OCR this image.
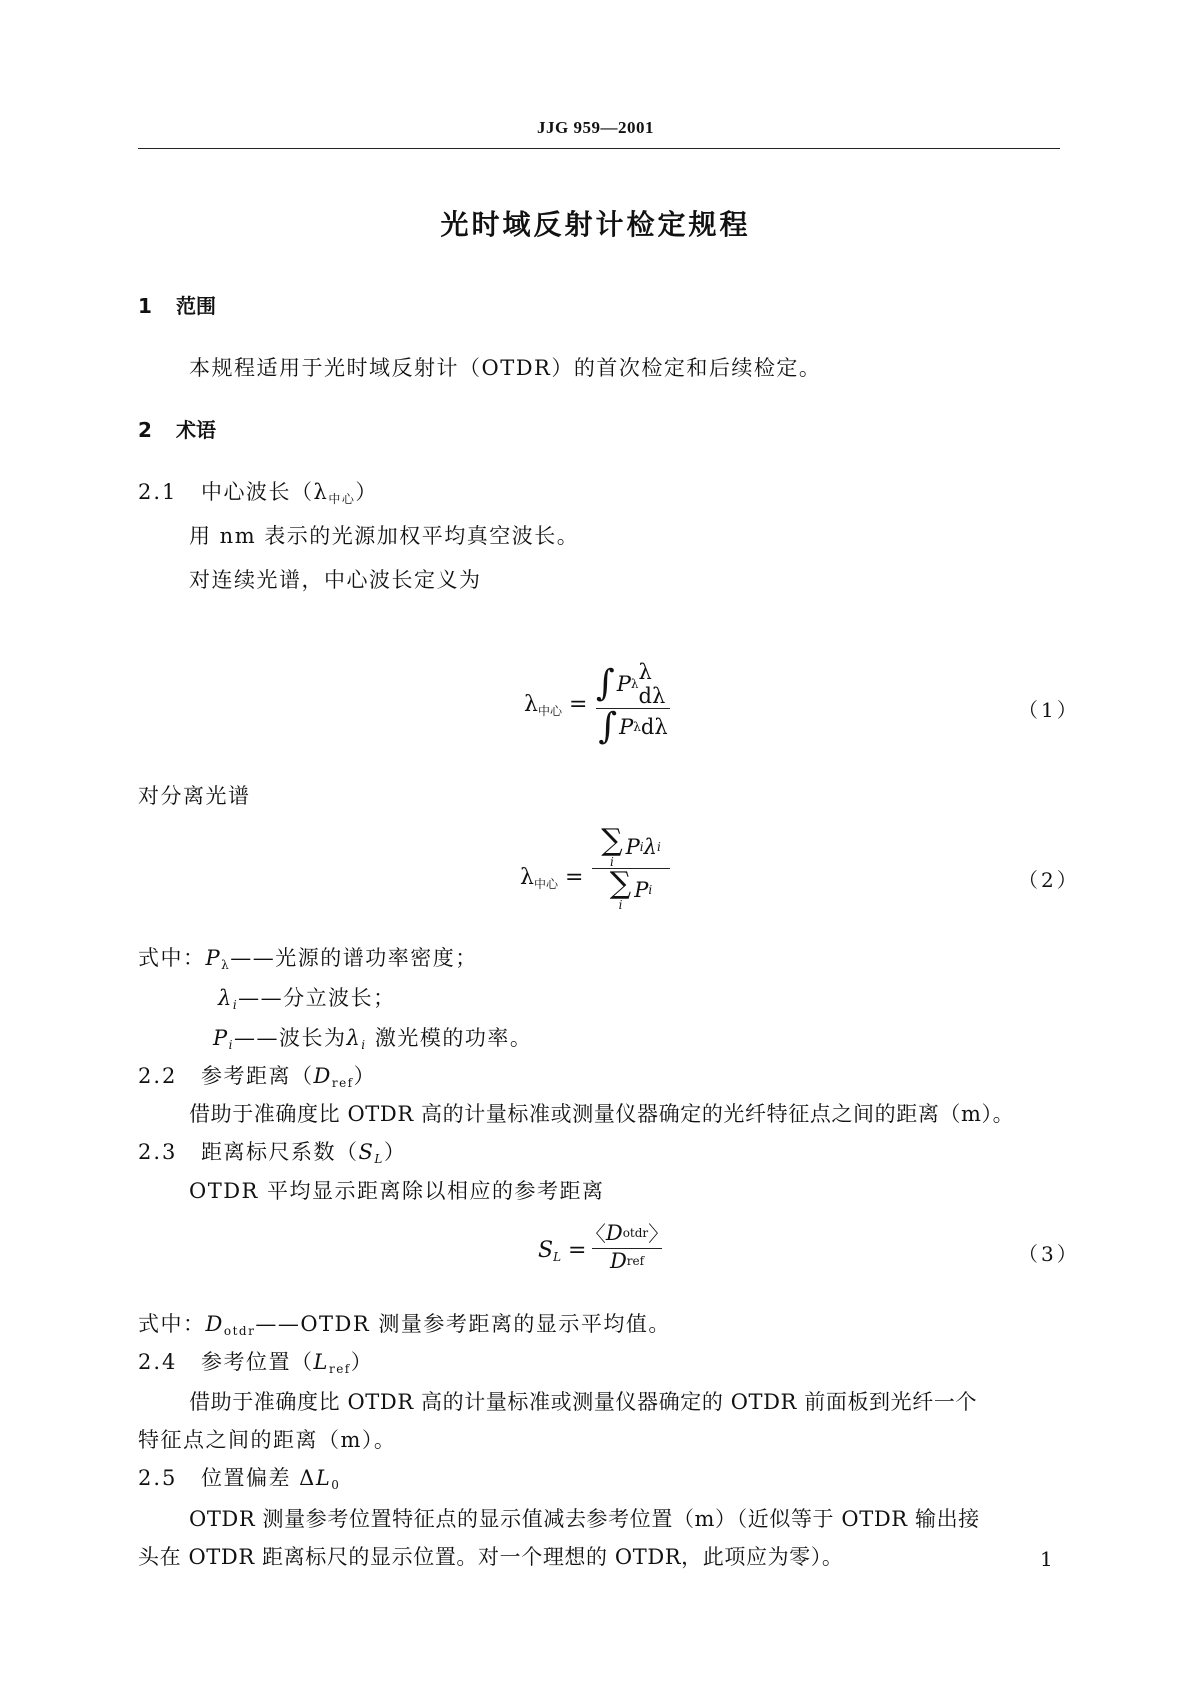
JJG 959—2001
光时域反射计检定规程
1 范围
本规程适用于光时域反射计（OTDR）的首次检定和后续检定。
2 术语
2.1 中心波长$(\lambda_{中心})$
用 nm 表示的光源加权平均真空波长。
对连续光谱，中心波长定义为
$\lambda_{中心}$ =
∫ P λ λ dλ
∫ P λ dλ
（1）
对分离光谱
$\lambda_{中心}$ =
∑
i
P i λ i
∑
i
P i	（2）
式中：$P_\lambda——$光源的谱功率密度；
λi——分立波长；
Pi——波长为λi 激光模的功率。
2.2 参考距离$(D_{ref})$
借助于准确度比 OTDR 高的计量标准或测量仪器确定的光纤特征点之间的距离（m）。
2.3 距离标尺系数（SL）
OTDR 平均显示距离除以相应的参考距离
SL =
〈 D otdr 〉
D ref	（3）
式中：$D_{otdr}——OTDR$ 测量参考距离的显示平均值。
2.4 参考位置$(L_{ref})$
借助于准确度比 OTDR 高的计量标准或测量仪器确定的 OTDR 前面板到光纤一个
特征点之间的距离（m）。
2.5 位置偏差 $\Delta L_0$
OTDR 测量参考位置特征点的显示值减去参考位置（m）（近似等于 OTDR 输出接
头在 OTDR 距离标尺的显示位置。对一个理想的 OTDR，此项应为零）。	1
